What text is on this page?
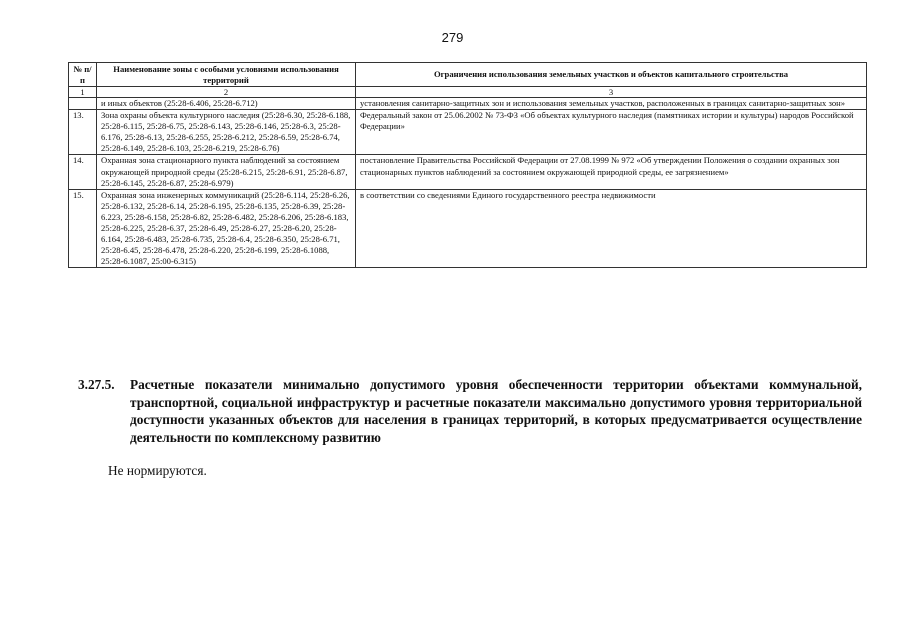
279
№ п/п	Наименование зоны с особыми условиями использования территорий	Ограничения использования земельных участков и объектов капитального строительства
1	2	3
	и иных объектов (25:28-6.406, 25:28-6.712)	установления санитарно-защитных зон и использования земельных участков, расположенных в границах санитарно-защитных зон»
13.	Зона охраны объекта культурного наследия (25:28-6.30, 25:28-6.188, 25:28-6.115, 25:28-6.75, 25:28-6.143, 25:28-6.146, 25:28-6.3, 25:28-6.176, 25:28-6.13, 25:28-6.255, 25:28-6.212, 25:28-6.59, 25:28-6.74, 25:28-6.149, 25:28-6.103, 25:28-6.219, 25:28-6.76)	Федеральный закон от 25.06.2002 № 73-ФЗ «Об объектах культурного наследия (памятниках истории и культуры) народов Российской Федерации»
14.	Охранная зона стационарного пункта наблюдений за состоянием окружающей природной среды (25:28-6.215, 25:28-6.91, 25:28-6.87, 25:28-6.145, 25:28-6.87, 25:28-6.979)	постановление Правительства Российской Федерации от 27.08.1999 № 972 «Об утверждении Положения о создании охранных зон стационарных пунктов наблюдений за состоянием окружающей природной среды, ее загрязнением»
15.	Охранная зона инженерных коммуникаций (25:28-6.114, 25:28-6.26, 25:28-6.132, 25:28-6.14, 25:28-6.195, 25:28-6.135, 25:28-6.39, 25:28-6.223, 25:28-6.158, 25:28-6.82, 25:28-6.482, 25:28-6.206, 25:28-6.183, 25:28-6.225, 25:28-6.37, 25:28-6.49, 25:28-6.27, 25:28-6.20, 25:28-6.164, 25:28-6.483, 25:28-6.735, 25:28-6.4, 25:28-6.350, 25:28-6.71, 25:28-6.45, 25:28-6.478, 25:28-6.220, 25:28-6.199, 25:28-6.1088, 25:28-6.1087, 25:00-6.315)	в соответствии со сведениями Единого государственного реестра недвижимости
3.27.5. Расчетные показатели минимально допустимого уровня обеспеченности территории объектами коммунальной, транспортной, социальной инфраструктур и расчетные показатели максимально допустимого уровня территориальной доступности указанных объектов для населения в границах территорий, в которых предусматривается осуществление деятельности по комплексному развитию
Не нормируются.
